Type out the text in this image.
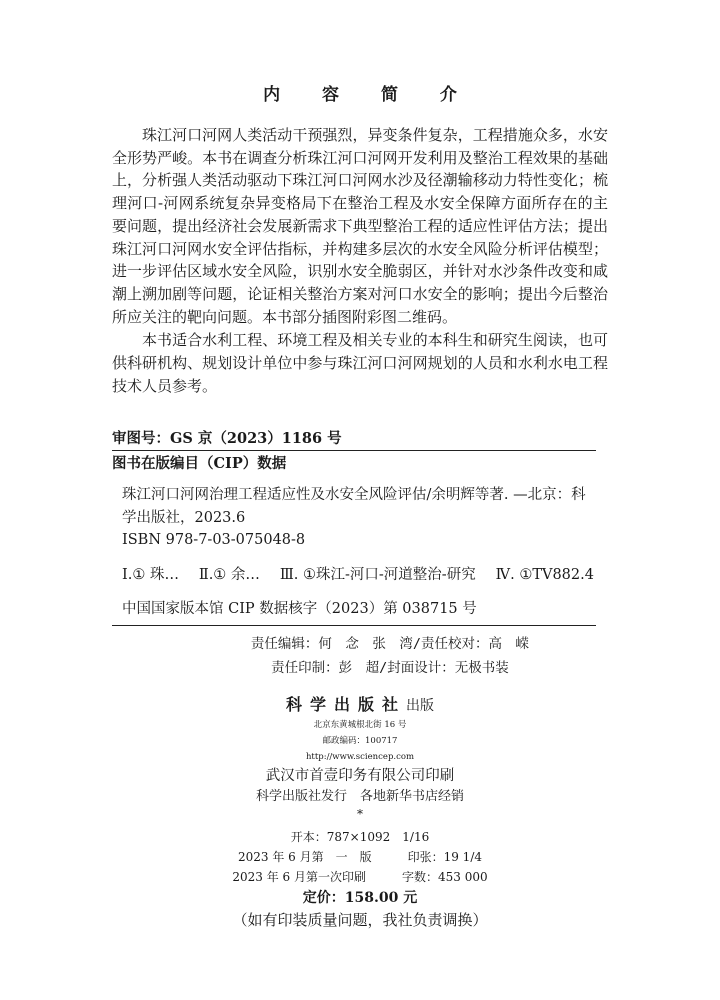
内 容 简 介

珠江河口河网人类活动干预强烈，异变条件复杂，工程措施众多，水安全形势严峻。本书在调查分析珠江河口河网开发利用及整治工程效果的基础上，分析强人类活动驱动下珠江河口河网水沙及径潮输移动力特性变化；梳理河口-河网系统复杂异变格局下在整治工程及水安全保障方面所存在的主要问题，提出经济社会发展新需求下典型整治工程的适应性评估方法；提出珠江河口河网水安全评估指标，并构建多层次的水安全风险分析评估模型；进一步评估区域水安全风险，识别水安全脆弱区，并针对水沙条件改变和咸潮上溯加剧等问题，论证相关整治方案对河口水安全的影响；提出今后整治所应关注的靶向问题。本书部分插图附彩图二维码。

本书适合水利工程、环境工程及相关专业的本科生和研究生阅读，也可供科研机构、规划设计单位中参与珠江河口河网规划的人员和水利水电工程技术人员参考。

审图号：GS 京（2023）1186 号
图书在版编目（CIP）数据
珠江河口河网治理工程适应性及水安全风险评估/余明辉等著. —北京：科学出版社，2023.6
ISBN 978-7-03-075048-8
Ⅰ.① 珠… Ⅱ.① 余… Ⅲ. ①珠江-河口-河道整治-研究 Ⅳ. ①TV882.4
中国国家版本馆 CIP 数据核字（2023）第 038715 号
责任编辑：何　念　张　湾/责任校对：高　嵘
责任印制：彭　超/封面设计：无极书装
科学出版社出版
北京东黄城根北街 16 号
邮政编码：100717
http://www.sciencep.com
武汉市首壹印务有限公司印刷
科学出版社发行　各地新华书店经销
*
开本：787×1092　1/16
2023 年 6 月第　一　版　　　印张：19 1/4
2023 年 6 月第一次印刷　　　字数：453 000
定价：158.00 元
（如有印装质量问题，我社负责调换）
